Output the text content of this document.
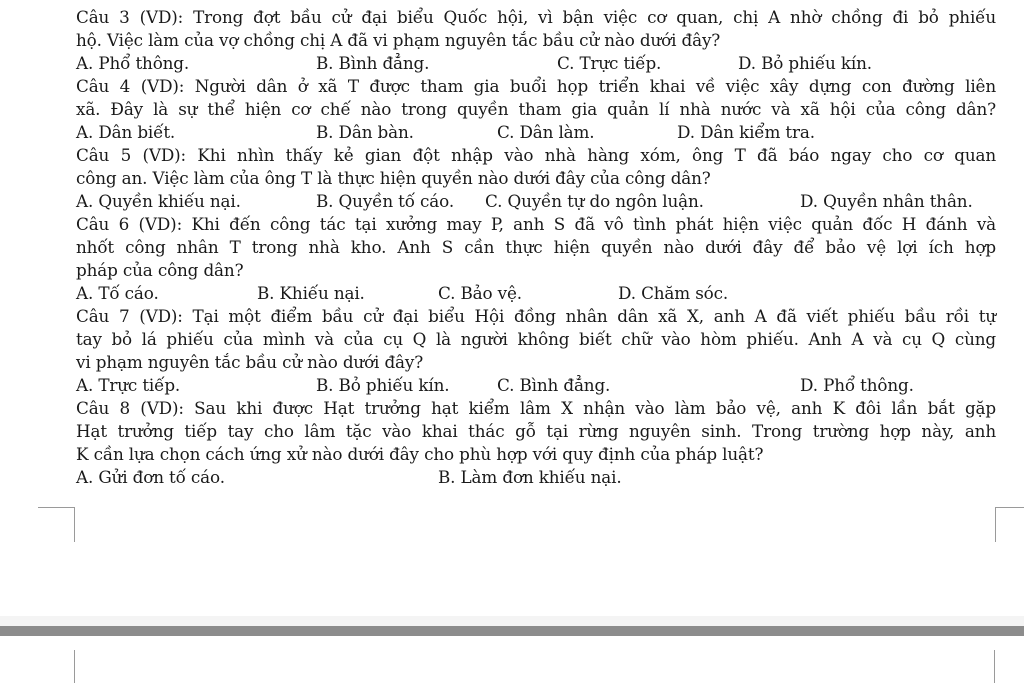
Câu 3 (VD): Trong đợt bầu cử đại biểu Quốc hội, vì bận việc cơ quan, chị A nhờ chồng đi bỏ phiếu
hộ. Việc làm của vợ chồng chị A đã vi phạm nguyên tắc bầu cử nào dưới đây?
A. Phổ thông.	B. Bình đẳng.	C. Trực tiếp.	D. Bỏ phiếu kín.
Câu 4 (VD): Người dân ở xã T được tham gia buổi họp triển khai về việc xây dựng con đường liên
xã. Đây là sự thể hiện cơ chế nào trong quyền tham gia quản lí nhà nước và xã hội của công dân?
A. Dân biết.	B. Dân bàn.	C. Dân làm.	D. Dân kiểm tra.
Câu 5 (VD): Khi nhìn thấy kẻ gian đột nhập vào nhà hàng xóm, ông T đã báo ngay cho cơ quan
công an. Việc làm của ông T là thực hiện quyền nào dưới đây của công dân?
A. Quyền khiếu nại.	B. Quyền tố cáo. C. Quyền tự do ngôn luận.	D. Quyền nhân thân.
Câu 6 (VD): Khi đến công tác tại xưởng may P, anh S đã vô tình phát hiện việc quản đốc H đánh và
nhốt công nhân T trong nhà kho. Anh S cần thực hiện quyền nào dưới đây để bảo vệ lợi ích hợp
pháp của công dân?
A. Tố cáo.	B. Khiếu nại.	C. Bảo vệ.	D. Chăm sóc.
Câu 7 (VD): Tại một điểm bầu cử đại biểu Hội đồng nhân dân xã X, anh A đã viết phiếu bầu rồi tự
tay bỏ lá phiếu của mình và của cụ Q là người không biết chữ vào hòm phiếu. Anh A và cụ Q cùng
vi phạm nguyên tắc bầu cử nào dưới đây?
A. Trực tiếp.	B. Bỏ phiếu kín.	C. Bình đẳng.	D. Phổ thông.
Câu 8 (VD): Sau khi được Hạt trưởng hạt kiểm lâm X nhận vào làm bảo vệ, anh K đôi lần bắt gặp
Hạt trưởng tiếp tay cho lâm tặc vào khai thác gỗ tại rừng nguyên sinh. Trong trường hợp này, anh
K cần lựa chọn cách ứng xử nào dưới đây cho phù hợp với quy định của pháp luật?
A. Gửi đơn tố cáo.	B. Làm đơn khiếu nại.
